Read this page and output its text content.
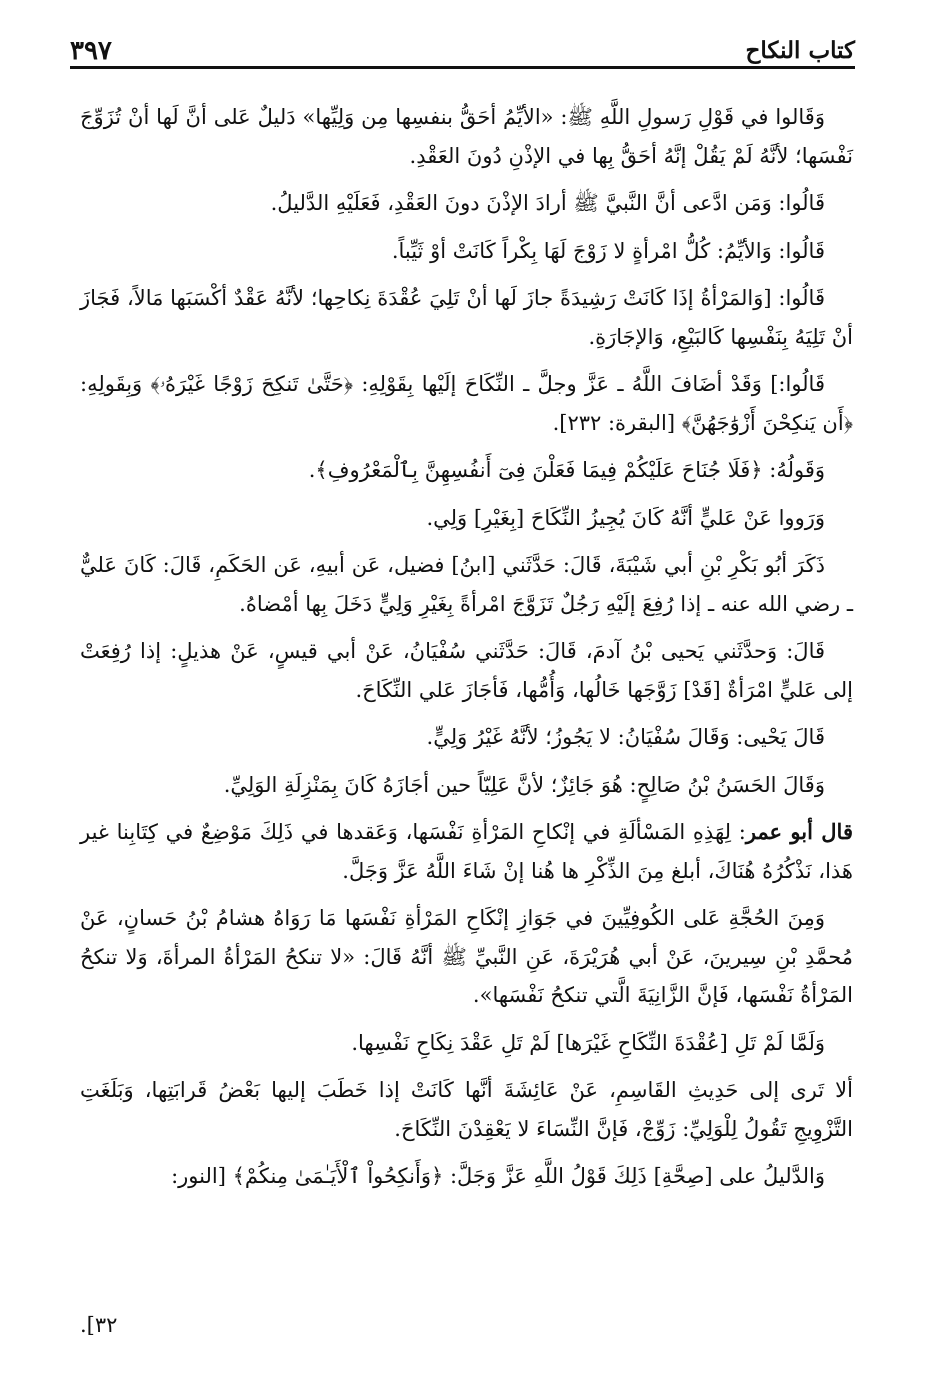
كتاب النكاح
٣٩٧

وَقَالوا في قَوْلِ رَسولِ اللَّهِ ﷺ: «الأيِّمُ أحَقُّ بنفسِها مِن وَلِيِّها» دَليلٌ عَلى أنَّ لَها أنْ تُزَوِّجَ نَفْسَها؛ لأنَّهُ لَمْ يَقُلْ إنَّهُ أحَقُّ بِها في الإذْنِ دُونَ العَقْدِ.

قَالُوا: وَمَن ادَّعى أنَّ النَّبيَّ ﷺ أرادَ الإذْنَ دونَ العَقْدِ، فَعَلَيْهِ الدَّليلُ.

قَالُوا: وَالأيِّمُ: كُلُّ امْرأةٍ لا زَوْجَ لَهَا بِكْراً كَانَتْ أوْ ثَيِّباً.

قَالُوا: [وَالمَرْأةُ إذَا كَانَتْ رَشِيدَةً جازَ لَها أنْ تَلِيَ عُقْدَةَ نِكاحِها؛ لأنَّهُ عَقْدٌ أكْسَبَها مَالاً، فَجَازَ أنْ تَلِيَهُ بِنَفْسِها كَالبَيْعِ، وَالإجَارَةِ.

قَالُوا:] وَقَدْ أضَافَ اللَّهُ ـ عَزَّ وجلَّ ـ النِّكَاحَ إلَيْها بِقَوْلِهِ: ﴿حَتَّىٰ تَنكِحَ زَوْجًا غَيْرَهُۥ﴾ وَبِقَولِهِ: ﴿أَن يَنكِحْنَ أَزْوَٰجَهُنَّ﴾ [البقرة: ٢٣٢].

وَقَولُهُ: ﴿فَلَا جُنَاحَ عَلَيْكُمْ فِيمَا فَعَلْنَ فِىٓ أَنفُسِهِنَّ بِٱلْمَعْرُوفِ﴾.

وَرَووا عَنْ عَليٍّ أنَّهُ كَانَ يُجِيزُ النِّكَاحَ [بِغَيْرِ] وَلِي.

ذَكَرَ أبُو بَكْرِ بْنِ أبي شَيْبَةَ، قَالَ: حَدَّثَني [ابنُ] فضيل، عَن أبيهِ، عَن الحَكَمِ، قَالَ: كَانَ عَليٌّ ـ رضي الله عنه ـ إذا رُفِعَ إلَيْهِ رَجُلٌ تَزَوَّجَ امْرأةً بِغَيْرِ وَلِيٍّ دَخَلَ بِها أمْضاهُ.

قَالَ: وَحدَّثَني يَحيى بْنُ آدمَ، قَالَ: حَدَّثَني سُفْيَانُ، عَنْ أبي قيسٍ، عَنْ هذيلٍ: إذا رُفِعَتْ إلى عَليٍّ امْرَأةٌ [قَدْ] زَوَّجَها خَالُها، وَأُمُّها، فَأجَازَ عَلي النِّكَاحَ.

قَالَ يَحْيى: وَقَالَ سُفْيَانُ: لا يَجُوزُ؛ لأنَّهُ غَيْرُ وَلِيٍّ.

وَقَالَ الحَسَنُ بْنُ صَالِحٍ: هُوَ جَائِزٌ؛ لأنَّ عَلِيّاً حين أجَازَهُ كَانَ بِمَنْزِلَةِ الوَلِيِّ.

قال أبو عمر: لِهَذِهِ المَسْألَةِ في إنْكاحِ المَرْأةِ نَفْسَها، وَعَقدها في ذَلِكَ مَوْضِعٌ في كِتَابِنا غير هَذا، نَذْكُرُهُ هُنَاكَ، أبلغ مِنَ الذِّكْرِ ها هُنا إنْ شَاءَ اللَّهُ عَزَّ وَجَلَّ.

وَمِنَ الحُجَّةِ عَلى الكُوفِيِّينَ في جَوَازِ إنْكَاحِ المَرْأةِ نَفْسَها مَا رَوَاهُ هشامُ بْنُ حَسانٍ، عَنْ مُحمَّدِ بْنِ سِيرينَ، عَنْ أبي هُرَيْرَةَ، عَنِ النَّبيِّ ﷺ أنَّهُ قَالَ: «لا تنكحُ المَرْأةُ المرأةَ، وَلا تنكحُ المَرْأةُ نَفْسَها، فَإنَّ الزَّانِيَةَ الَّتي تنكحُ نَفْسَها».

وَلَمَّا لَمْ تَلِ [عُقْدَةَ النِّكَاحِ غَيْرَها] لَمْ تَلِ عَقْدَ نِكَاحِ نَفْسِها.

ألا تَرى إلى حَدِيثِ القَاسِمِ، عَنْ عَائِشَةَ أنَّها كَانَتْ إذا خَطَبَ إليها بَعْضُ قَرابَتِها، وَبَلَغَتِ التَّزْوِيجِ تَقُولُ لِلْوَلِيِّ: زَوِّجْ، فَإنَّ النِّسَاءَ لا يَعْقِدْنَ النِّكَاحَ.

وَالدَّليلُ على [صِحَّةِ] ذَلِكَ قَوْلُ اللَّهِ عَزَّ وَجَلَّ: ﴿وَأَنكِحُواْ ٱلْأَيَـٰمَىٰ مِنكُمْ﴾ [النور:

٣٢].
